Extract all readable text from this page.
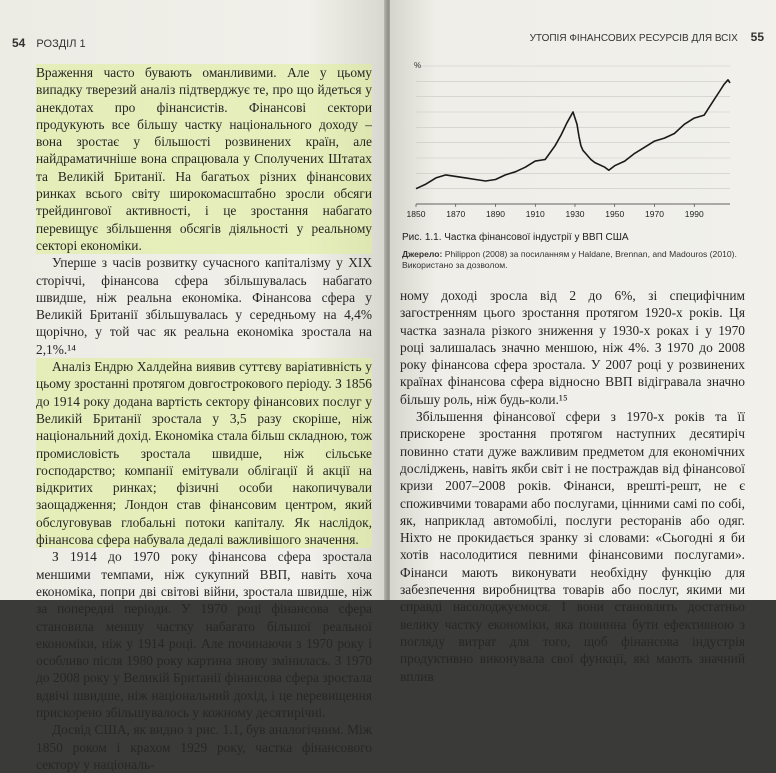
54 РОЗДІЛ 1

Враження часто бувають оманливими. Але у цьому випадку тверезий аналіз підтверджує те, про що йдеться у анекдотах про фінансистів. Фінансові сектори продукують все більшу частку національного доходу – вона зростає у більшості розвинених країн, але найдраматичніше вона спрацювала у Сполучених Штатах та Великій Британії. На багатьох різних фінансових ринках всього світу широкомасштабно зросли обсяги трейдингової активності, і це зростання набагато перевищує збільшення обсягів діяльності у реальному секторі економіки.

Уперше з часів розвитку сучасного капіталізму у XIX сторіччі, фінансова сфера збільшувалась набагато швидше, ніж реальна економіка. Фінансова сфера у Великій Британії збільшувалась у середньому на 4,4% щорічно, у той час як реальна економіка зростала на 2,1%.¹⁴

Аналіз Ендрю Халдейна виявив суттєву варіативність у цьому зростанні протягом довгострокового періоду. З 1856 до 1914 року додана вартість сектору фінансових послуг у Великій Британії зростала у 3,5 разу скоріше, ніж національний дохід. Економіка стала більш складною, тож промисловість зростала швидше, ніж сільське господарство; компанії емітували облігації й акції на відкритих ринках; фізичні особи накопичували заощадження; Лондон став фінансовим центром, який обслуговував глобальні потоки капіталу. Як наслідок, фінансова сфера набувала дедалі важливішого значення.

З 1914 до 1970 року фінансова сфера зростала меншими темпами, ніж сукупний ВВП, навіть хоча економіка, попри дві світові війни, зростала швидше, ніж за попередні періоди. У 1970 році фінансова сфера становила меншу частку набагато більшої реальної економіки, ніж у 1914 році. Але починаючи з 1970 року і особливо після 1980 року картина знову змінилась. З 1970 до 2008 року у Великій Британії фінансова сфера зростала вдвічі швидше, ніж національний дохід, і це перевищення прискорено збільшувалось у кожному десятирічні.

Досвід США, як видно з рис. 1.1, був аналогічним. Між 1850 роком і крахом 1929 року, частка фінансового сектору у національ-

УТОПІЯ ФІНАНСОВИХ РЕСУРСІВ ДЛЯ ВСІХ 55
%
1850 1870 1890 1910 1930 1950 1970 1990
Рис. 1.1. Частка фінансової індустрії у ВВП США
Джерело: Philippon (2008) за посиланням у Haldane, Brennan, and Madouros (2010). Використано за дозволом.

ному доході зросла від 2 до 6%, зі специфічним загостренням цього зростання протягом 1920-х років. Ця частка зазнала різкого зниження у 1930-х роках і у 1970 році залишалась значно меншою, ніж 4%. З 1970 до 2008 року фінансова сфера зростала. У 2007 році у розвинених країнах фінансова сфера відносно ВВП відігравала значно більшу роль, ніж будь-коли.¹⁵

Збільшення фінансової сфери з 1970-х років та її прискорене зростання протягом наступних десятиріч повинно стати дуже важливим предметом для економічних досліджень, навіть якби світ і не постраждав від фінансової кризи 2007–2008 років. Фінанси, врешті-решт, не є споживчими товарами або послугами, цінними самі по собі, як, наприклад автомобілі, послуги ресторанів або одяг. Ніхто не прокидається зранку зі словами: «Сьогодні я би хотів насолодитися певними фінансовими послугами». Фінанси мають виконувати необхідну функцію для забезпечення виробництва товарів або послуг, якими ми справді насолоджуємося. І вони становлять достатньо велику частку економіки, яка повинна бути ефективною з погляду витрат для того, щоб фінансова індустрія продуктивно виконувала свої функції, які мають значний вплив
